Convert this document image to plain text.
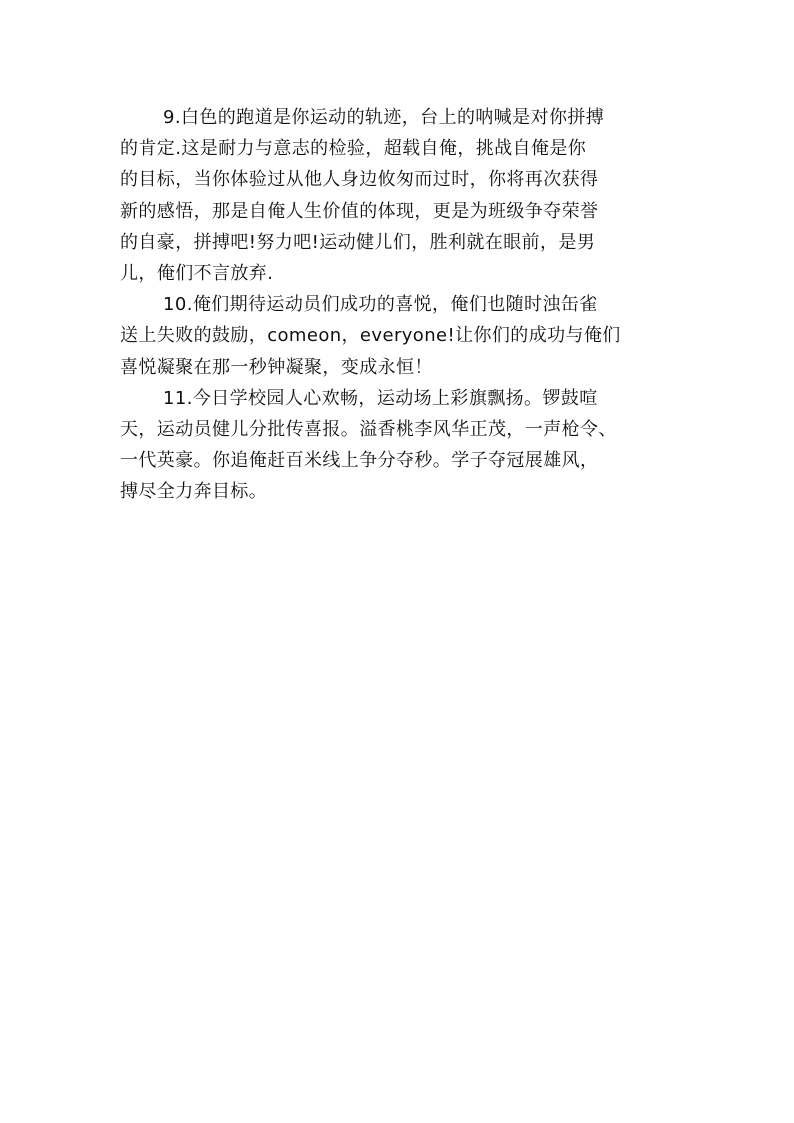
9.白色的跑道是你运动的轨迹，台上的呐喊是对你拼搏
的肯定.这是耐力与意志的检验，超载自俺，挑战自俺是你
的目标，当你体验过从他人身边攸匆而过时，你将再次获得
新的感悟，那是自俺人生价值的体现，更是为班级争夺荣誉
的自豪，拼搏吧!努力吧!运动健儿们，胜利就在眼前，是男
儿，俺们不言放弃.

10.俺们期待运动员们成功的喜悦，俺们也随时浊缶雀
送上失败的鼓励，comeon，everyone!让你们的成功与俺们
喜悦凝聚在那一秒钟凝聚，变成永恒！

11.今日学校园人心欢畅，运动场上彩旗飘扬。锣鼓喧
天，运动员健儿分批传喜报。溢香桃李风华正茂，一声枪令、
一代英豪。你追俺赶百米线上争分夺秒。学子夺冠展雄风，
搏尽全力奔目标。
